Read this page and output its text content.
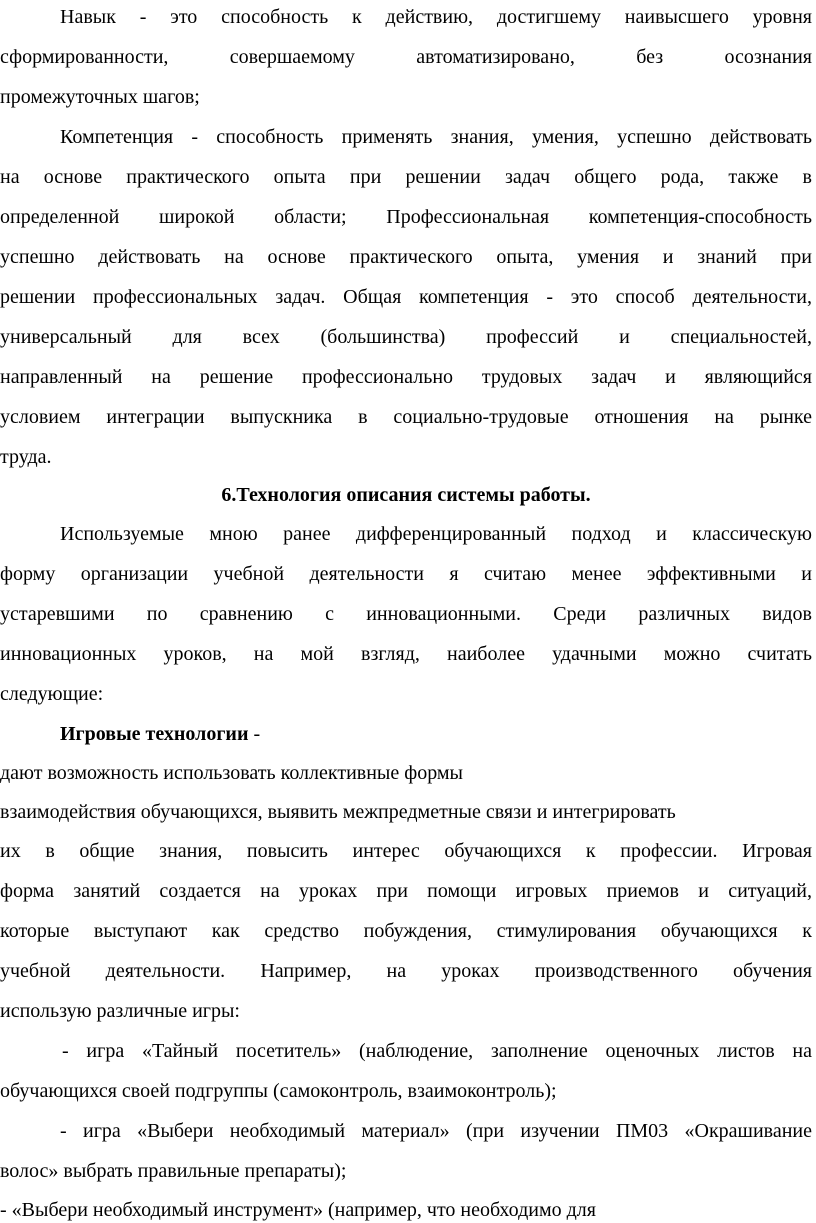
Навык - это способность к действию, достигшему наивысшего уровня
сформированности, совершаемому автоматизировано, без осознания
промежуточных шагов;
Компетенция - способность применять знания, умения, успешно действовать
на основе практического опыта при решении задач общего рода, также в
определенной широкой области; Профессиональная компетенция-способность
успешно действовать на основе практического опыта, умения и знаний при
решении профессиональных задач. Общая компетенция - это способ деятельности,
универсальный для всех (большинства) профессий и специальностей,
направленный на решение профессионально трудовых задач и являющийся
условием интеграции выпускника в социально-трудовые отношения на рынке
труда.
6.Технология описания системы работы.
Используемые мною ранее дифференцированный подход и классическую
форму организации учебной деятельности я считаю менее эффективными и
устаревшими по сравнению с инновационными. Среди различных видов
инновационных уроков, на мой взгляд, наиболее удачными можно считать
следующие:
Игровые технологии -
дают возможность использовать коллективные формы
взаимодействия обучающихся, выявить межпредметные связи и интегрировать
их в общие знания, повысить интерес обучающихся к профессии. Игровая
форма занятий создается на уроках при помощи игровых приемов и ситуаций,
которые выступают как средство побуждения, стимулирования обучающихся к
учебной деятельности. Например, на уроках производственного обучения
использую различные игры:
- игра «Тайный посетитель» (наблюдение, заполнение оценочных листов на
обучающихся своей подгруппы (самоконтроль, взаимоконтроль);
- игра «Выбери необходимый материал» (при изучении ПМ03 «Окрашивание
волос» выбрать правильные препараты);
- «Выбери необходимый инструмент» (например, что необходимо для
